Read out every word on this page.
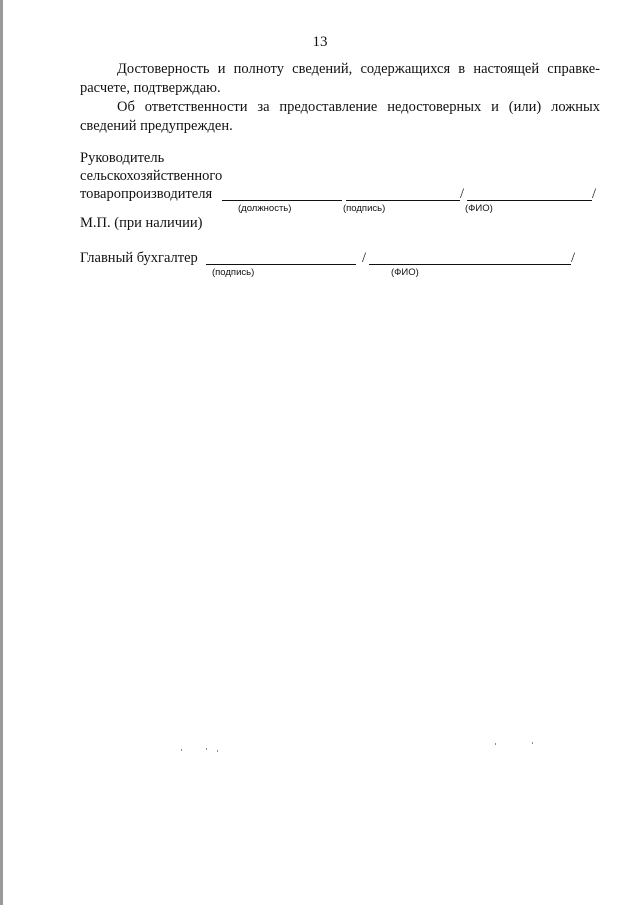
13

Достоверность и полноту сведений, содержащихся в настоящей справке-расчете, подтверждаю.

Об ответственности за предоставление недостоверных и (или) ложных сведений предупрежден.

Руководитель
сельскохозяйственного
товаропроизводителя	/	/
(должность)	(подпись)	(ФИО)
М.П. (при наличии)
Главный бухгалтер	/	/
(подпись)	(ФИО)
